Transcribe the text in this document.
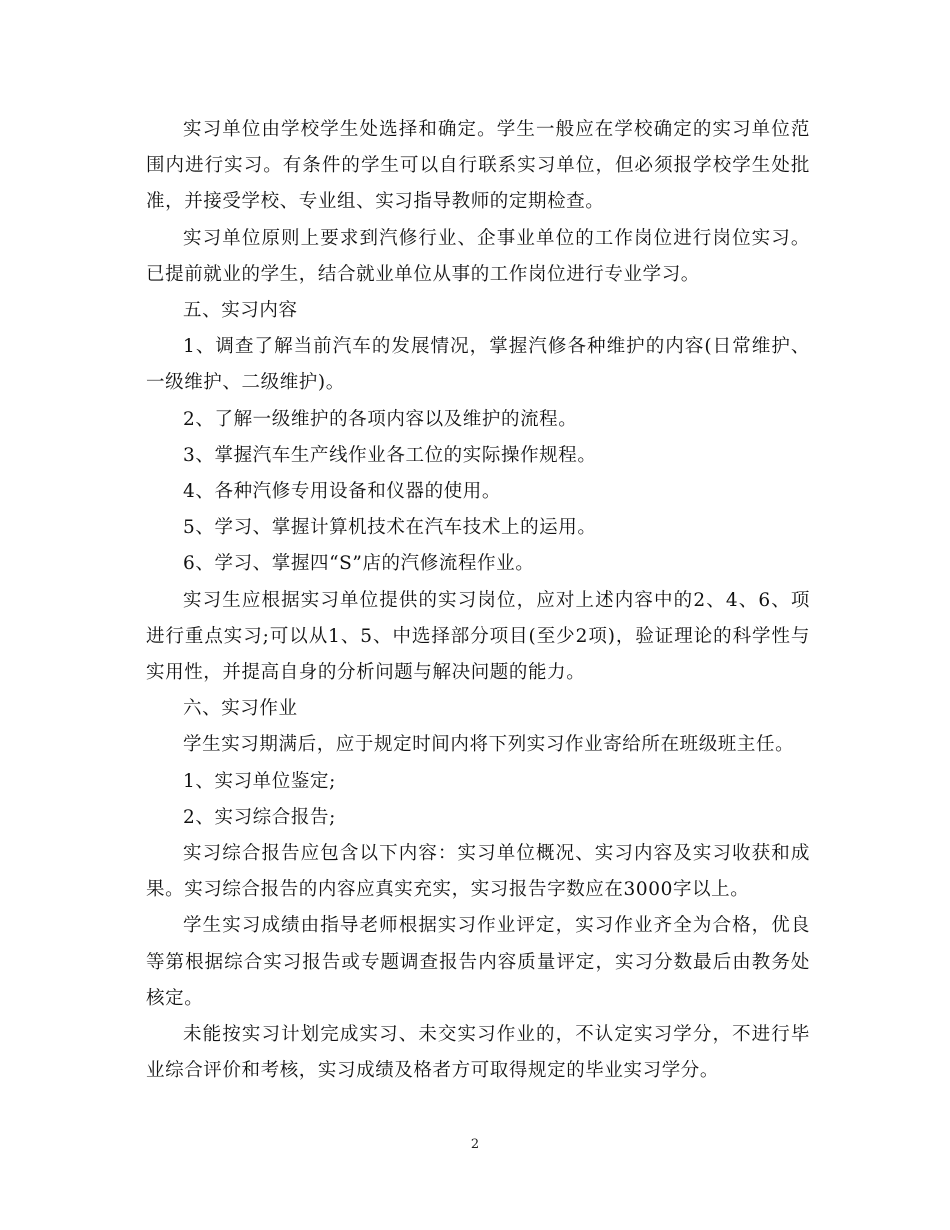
实习单位由学校学生处选择和确定。学生一般应在学校确定的实习单位范围内进行实习。有条件的学生可以自行联系实习单位，但必须报学校学生处批准，并接受学校、专业组、实习指导教师的定期检查。

实习单位原则上要求到汽修行业、企事业单位的工作岗位进行岗位实习。已提前就业的学生，结合就业单位从事的工作岗位进行专业学习。

五、实习内容

1、调查了解当前汽车的发展情况，掌握汽修各种维护的内容(日常维护、一级维护、二级维护)。

2、了解一级维护的各项内容以及维护的流程。

3、掌握汽车生产线作业各工位的实际操作规程。

4、各种汽修专用设备和仪器的使用。

5、学习、掌握计算机技术在汽车技术上的运用。

6、学习、掌握四“S”店的汽修流程作业。

实习生应根据实习单位提供的实习岗位，应对上述内容中的2、4、6、项进行重点实习;可以从1、5、中选择部分项目(至少2项)，验证理论的科学性与实用性，并提高自身的分析问题与解决问题的能力。

六、实习作业

学生实习期满后，应于规定时间内将下列实习作业寄给所在班级班主任。

1、实习单位鉴定;

2、实习综合报告;

实习综合报告应包含以下内容：实习单位概况、实习内容及实习收获和成果。实习综合报告的内容应真实充实，实习报告字数应在3000字以上。

学生实习成绩由指导老师根据实习作业评定，实习作业齐全为合格，优良等第根据综合实习报告或专题调查报告内容质量评定，实习分数最后由教务处核定。

未能按实习计划完成实习、未交实习作业的，不认定实习学分，不进行毕业综合评价和考核，实习成绩及格者方可取得规定的毕业实习学分。

2
